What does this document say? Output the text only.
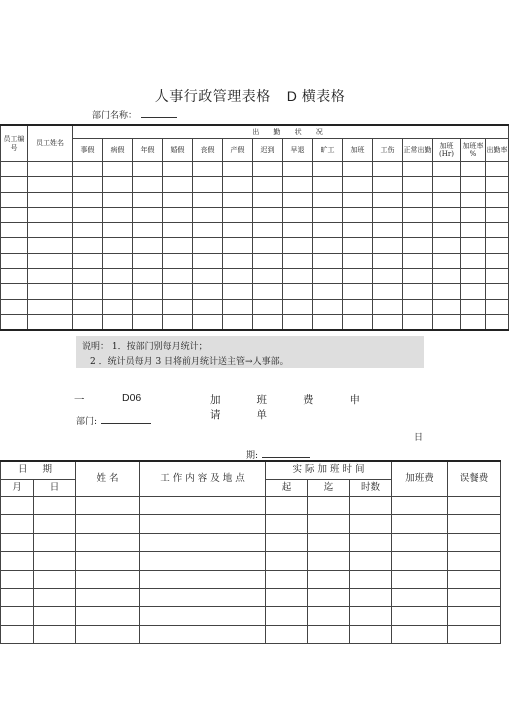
人事行政管理表格 D 横表格
部门名称：
员工编号	员工姓名	出 勤 状 况														
		事假	病假	年假	婚假	丧假	产假	迟到	早退	旷工	加班	工伤	正常出勤	加班(Hr)	加班率 %	出勤率

说明： 1．按部门别每月统计；
2 ．统计员每月 3 日将前月统计送主管→人事部。
一	D06	加班费申请单
部门:
日
期:
日 期		姓 名	工 作 内 容 及 地 点	实 际 加 班 时 间			加班费	误餐费
月	日			起	迄	时数		
